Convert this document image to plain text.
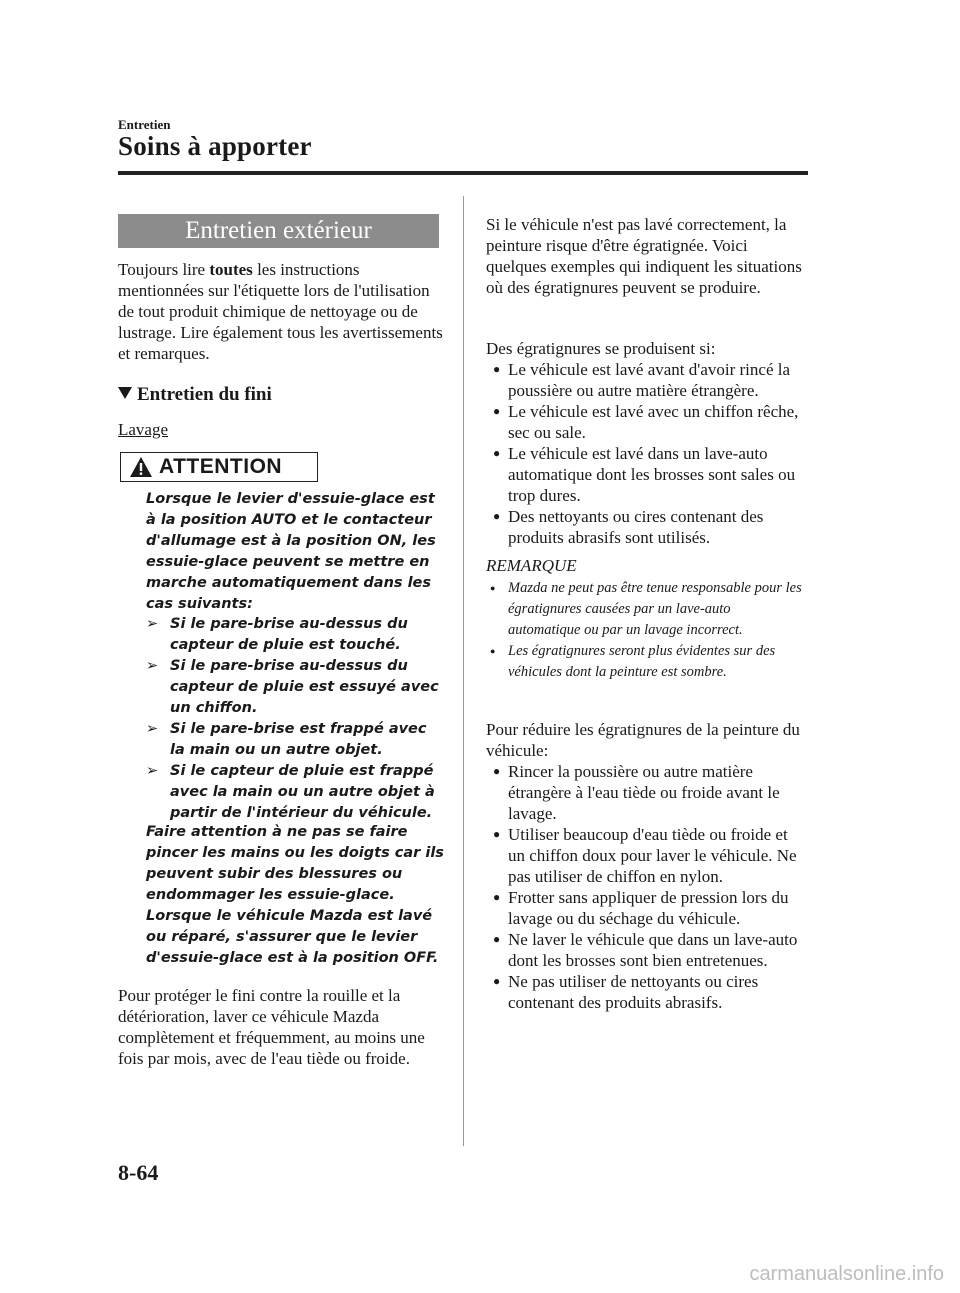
Entretien
Soins à apporter
Entretien extérieur
Toujours lire toutes les instructions mentionnées sur l'étiquette lors de l'utilisation de tout produit chimique de nettoyage ou de lustrage. Lire également tous les avertissements et remarques.
Entretien du fini
Lavage
ATTENTION
Lorsque le levier d'essuie-glace est à la position AUTO et le contacteur d'allumage est à la position ON, les essuie-glace peuvent se mettre en marche automatiquement dans les cas suivants:
➢ Si le pare-brise au-dessus du capteur de pluie est touché.
➢ Si le pare-brise au-dessus du capteur de pluie est essuyé avec un chiffon.
➢ Si le pare-brise est frappé avec la main ou un autre objet.
➢ Si le capteur de pluie est frappé avec la main ou un autre objet à partir de l'intérieur du véhicule.
Faire attention à ne pas se faire pincer les mains ou les doigts car ils peuvent subir des blessures ou endommager les essuie-glace. Lorsque le véhicule Mazda est lavé ou réparé, s'assurer que le levier d'essuie-glace est à la position OFF.
Pour protéger le fini contre la rouille et la détérioration, laver ce véhicule Mazda complètement et fréquemment, au moins une fois par mois, avec de l'eau tiède ou froide.
Si le véhicule n'est pas lavé correctement, la peinture risque d'être égratignée. Voici quelques exemples qui indiquent les situations où des égratignures peuvent se produire.
Des égratignures se produisent si:
● Le véhicule est lavé avant d'avoir rincé la poussière ou autre matière étrangère.
● Le véhicule est lavé avec un chiffon rêche, sec ou sale.
● Le véhicule est lavé dans un lave-auto automatique dont les brosses sont sales ou trop dures.
● Des nettoyants ou cires contenant des produits abrasifs sont utilisés.
REMARQUE
● Mazda ne peut pas être tenue responsable pour les égratignures causées par un lave-auto automatique ou par un lavage incorrect.
● Les égratignures seront plus évidentes sur des véhicules dont la peinture est sombre.
Pour réduire les égratignures de la peinture du véhicule:
● Rincer la poussière ou autre matière étrangère à l'eau tiède ou froide avant le lavage.
● Utiliser beaucoup d'eau tiède ou froide et un chiffon doux pour laver le véhicule. Ne pas utiliser de chiffon en nylon.
● Frotter sans appliquer de pression lors du lavage ou du séchage du véhicule.
● Ne laver le véhicule que dans un lave-auto dont les brosses sont bien entretenues.
● Ne pas utiliser de nettoyants ou cires contenant des produits abrasifs.
8-64
carmanualsonline.info
